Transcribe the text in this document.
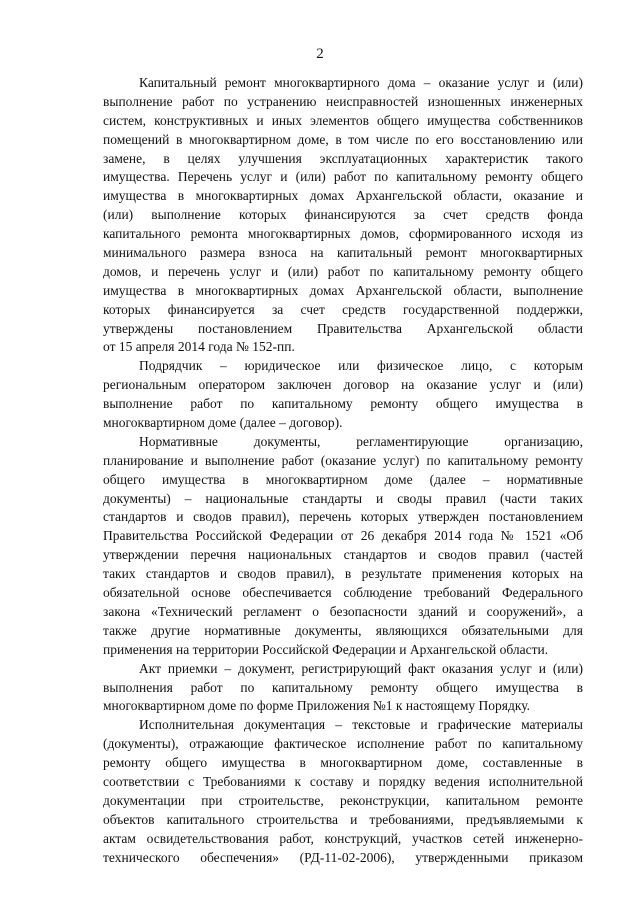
2
Капитальный ремонт многоквартирного дома – оказание услуг и (или)
выполнение работ по устранению неисправностей изношенных инженерных
систем, конструктивных и иных элементов общего имущества собственников
помещений в многоквартирном доме, в том числе по его восстановлению или
замене, в целях улучшения эксплуатационных характеристик такого
имущества. Перечень услуг и (или) работ по капитальному ремонту общего
имущества в многоквартирных домах Архангельской области, оказание и
(или) выполнение которых финансируются за счет средств фонда
капитального ремонта многоквартирных домов, сформированного исходя из
минимального размера взноса на капитальный ремонт многоквартирных
домов, и перечень услуг и (или) работ по капитальному ремонту общего
имущества в многоквартирных домах Архангельской области, выполнение
которых финансируется за счет средств государственной поддержки,
утверждены постановлением Правительства Архангельской области
от 15 апреля 2014 года № 152-пп.
Подрядчик – юридическое или физическое лицо, с которым
региональным оператором заключен договор на оказание услуг и (или)
выполнение работ по капитальному ремонту общего имущества в
многоквартирном доме (далее – договор).
Нормативные документы, регламентирующие организацию,
планирование и выполнение работ (оказание услуг) по капитальному ремонту
общего имущества в многоквартирном доме (далее – нормативные
документы) – национальные стандарты и своды правил (части таких
стандартов и сводов правил), перечень которых утвержден постановлением
Правительства Российской Федерации от 26 декабря 2014 года № 1521 «Об
утверждении перечня национальных стандартов и сводов правил (частей
таких стандартов и сводов правил), в результате применения которых на
обязательной основе обеспечивается соблюдение требований Федерального
закона «Технический регламент о безопасности зданий и сооружений», а
также другие нормативные документы, являющихся обязательными для
применения на территории Российской Федерации и Архангельской области.
Акт приемки – документ, регистрирующий факт оказания услуг и (или)
выполнения работ по капитальному ремонту общего имущества в
многоквартирном доме по форме Приложения №1 к настоящему Порядку.
Исполнительная документация – текстовые и графические материалы
(документы), отражающие фактическое исполнение работ по капитальному
ремонту общего имущества в многоквартирном доме, составленные в
соответствии с Требованиями к составу и порядку ведения исполнительной
документации при строительстве, реконструкции, капитальном ремонте
объектов капитального строительства и требованиями, предъявляемыми к
актам освидетельствования работ, конструкций, участков сетей инженерно-
технического обеспечения» (РД-11-02-2006), утвержденными приказом
